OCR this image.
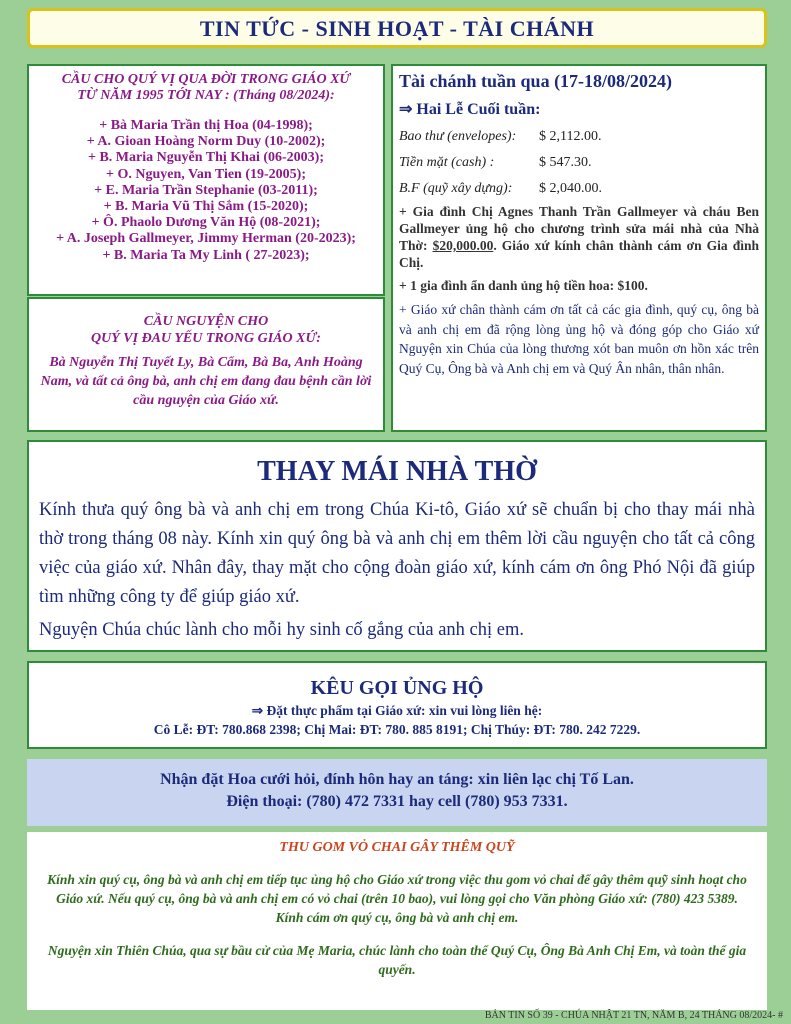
TIN TỨC - SINH HOẠT - TÀI CHÁNH
CẦU CHO QUÝ VỊ QUA ĐỜI TRONG GIÁO XỨ
TỪ NĂM 1995 TỚI NAY : (Tháng 08/2024):
+ Bà Maria Trần thị Hoa (04-1998);
+ A. Gioan Hoàng Norm Duy (10-2002);
+ B. Maria Nguyễn Thị Khai (06-2003);
+ O. Nguyen, Van Tien (19-2005);
+ E. Maria Trần Stephanie (03-2011);
+ B. Maria Vũ Thị Sắm (15-2020);
+ Ô. Phaolo Dương Văn Hộ (08-2021);
+ A. Joseph Gallmeyer, Jimmy Herman (20-2023);
+ B. Maria Ta My Linh ( 27-2023);
CẦU NGUYỆN CHO
QUÝ VỊ ĐAU YẾU TRONG GIÁO XỨ:
Bà Nguyễn Thị Tuyết Ly, Bà Cẩm, Bà Ba, Anh Hoàng Nam, và tất cả ông bà, anh chị em đang đau bệnh cần lời cầu nguyện của Giáo xứ.
Tài chánh tuần qua (17-18/08/2024)
⇒ Hai Lễ Cuối tuần:
Bao thư (envelopes): $ 2,112.00.
Tiền mặt (cash) :	$ 547.30.
B.F (quỹ xây dựng): $ 2,040.00.
+ Gia đình Chị Agnes Thanh Trần Gallmeyer và cháu Ben Gallmeyer ủng hộ cho chương trình sửa mái nhà của Nhà Thờ: $20,000.00. Giáo xứ kính chân thành cám ơn Gia đình Chị.
+ 1 gia đình ẩn danh ủng hộ tiền hoa: $100.
+ Giáo xứ chân thành cám ơn tất cả các gia đình, quý cụ, ông bà và anh chị em đã rộng lòng ủng hộ và đóng góp cho Giáo xứ Nguyện xin Chúa của lòng thương xót ban muôn ơn hồn xác trên Quý Cụ, Ông bà và Anh chị em và Quý Ân nhân, thân nhân.
THAY MÁI NHÀ THỜ
Kính thưa quý ông bà và anh chị em trong Chúa Ki-tô, Giáo xứ sẽ chuẩn bị cho thay mái nhà thờ trong tháng 08 này. Kính xin quý ông bà và anh chị em thêm lời cầu nguyện cho tất cả công việc của giáo xứ. Nhân đây, thay mặt cho cộng đoàn giáo xứ, kính cám ơn ông Phó Nội đã giúp tìm những công ty để giúp giáo xứ.
Nguyện Chúa chúc lành cho mỗi hy sinh cố gắng của anh chị em.
KÊU GỌI ỦNG HỘ
⇒ Đặt thực phẩm tại Giáo xứ: xin vui lòng liên hệ:
Cô Lễ: ĐT: 780.868 2398; Chị Mai: ĐT: 780. 885 8191; Chị Thúy: ĐT: 780. 242 7229.
Nhận đặt Hoa cưới hỏi, đính hôn hay an táng: xin liên lạc chị Tố Lan.
Điện thoại: (780) 472 7331 hay cell (780) 953 7331.
THU GOM VỎ CHAI GÂY THÊM QUỸ
Kính xin quý cụ, ông bà và anh chị em tiếp tục ủng hộ cho Giáo xứ trong việc thu gom vỏ chai để gây thêm quỹ sinh hoạt cho Giáo xứ. Nếu quý cụ, ông bà và anh chị em có vỏ chai (trên 10 bao), vui lòng gọi cho Văn phòng Giáo xứ: (780) 423 5389. Kính cám ơn quý cụ, ông bà và anh chị em.
Nguyện xin Thiên Chúa, qua sự bầu cử của Mẹ Maria, chúc lành cho toàn thể Quý Cụ, Ông Bà Anh Chị Em, và toàn thể gia quyến.
BẢN TIN SỐ 39 - CHÚA NHẬT 21 TN, NĂM B, 24 THÁNG 08/2024- #
